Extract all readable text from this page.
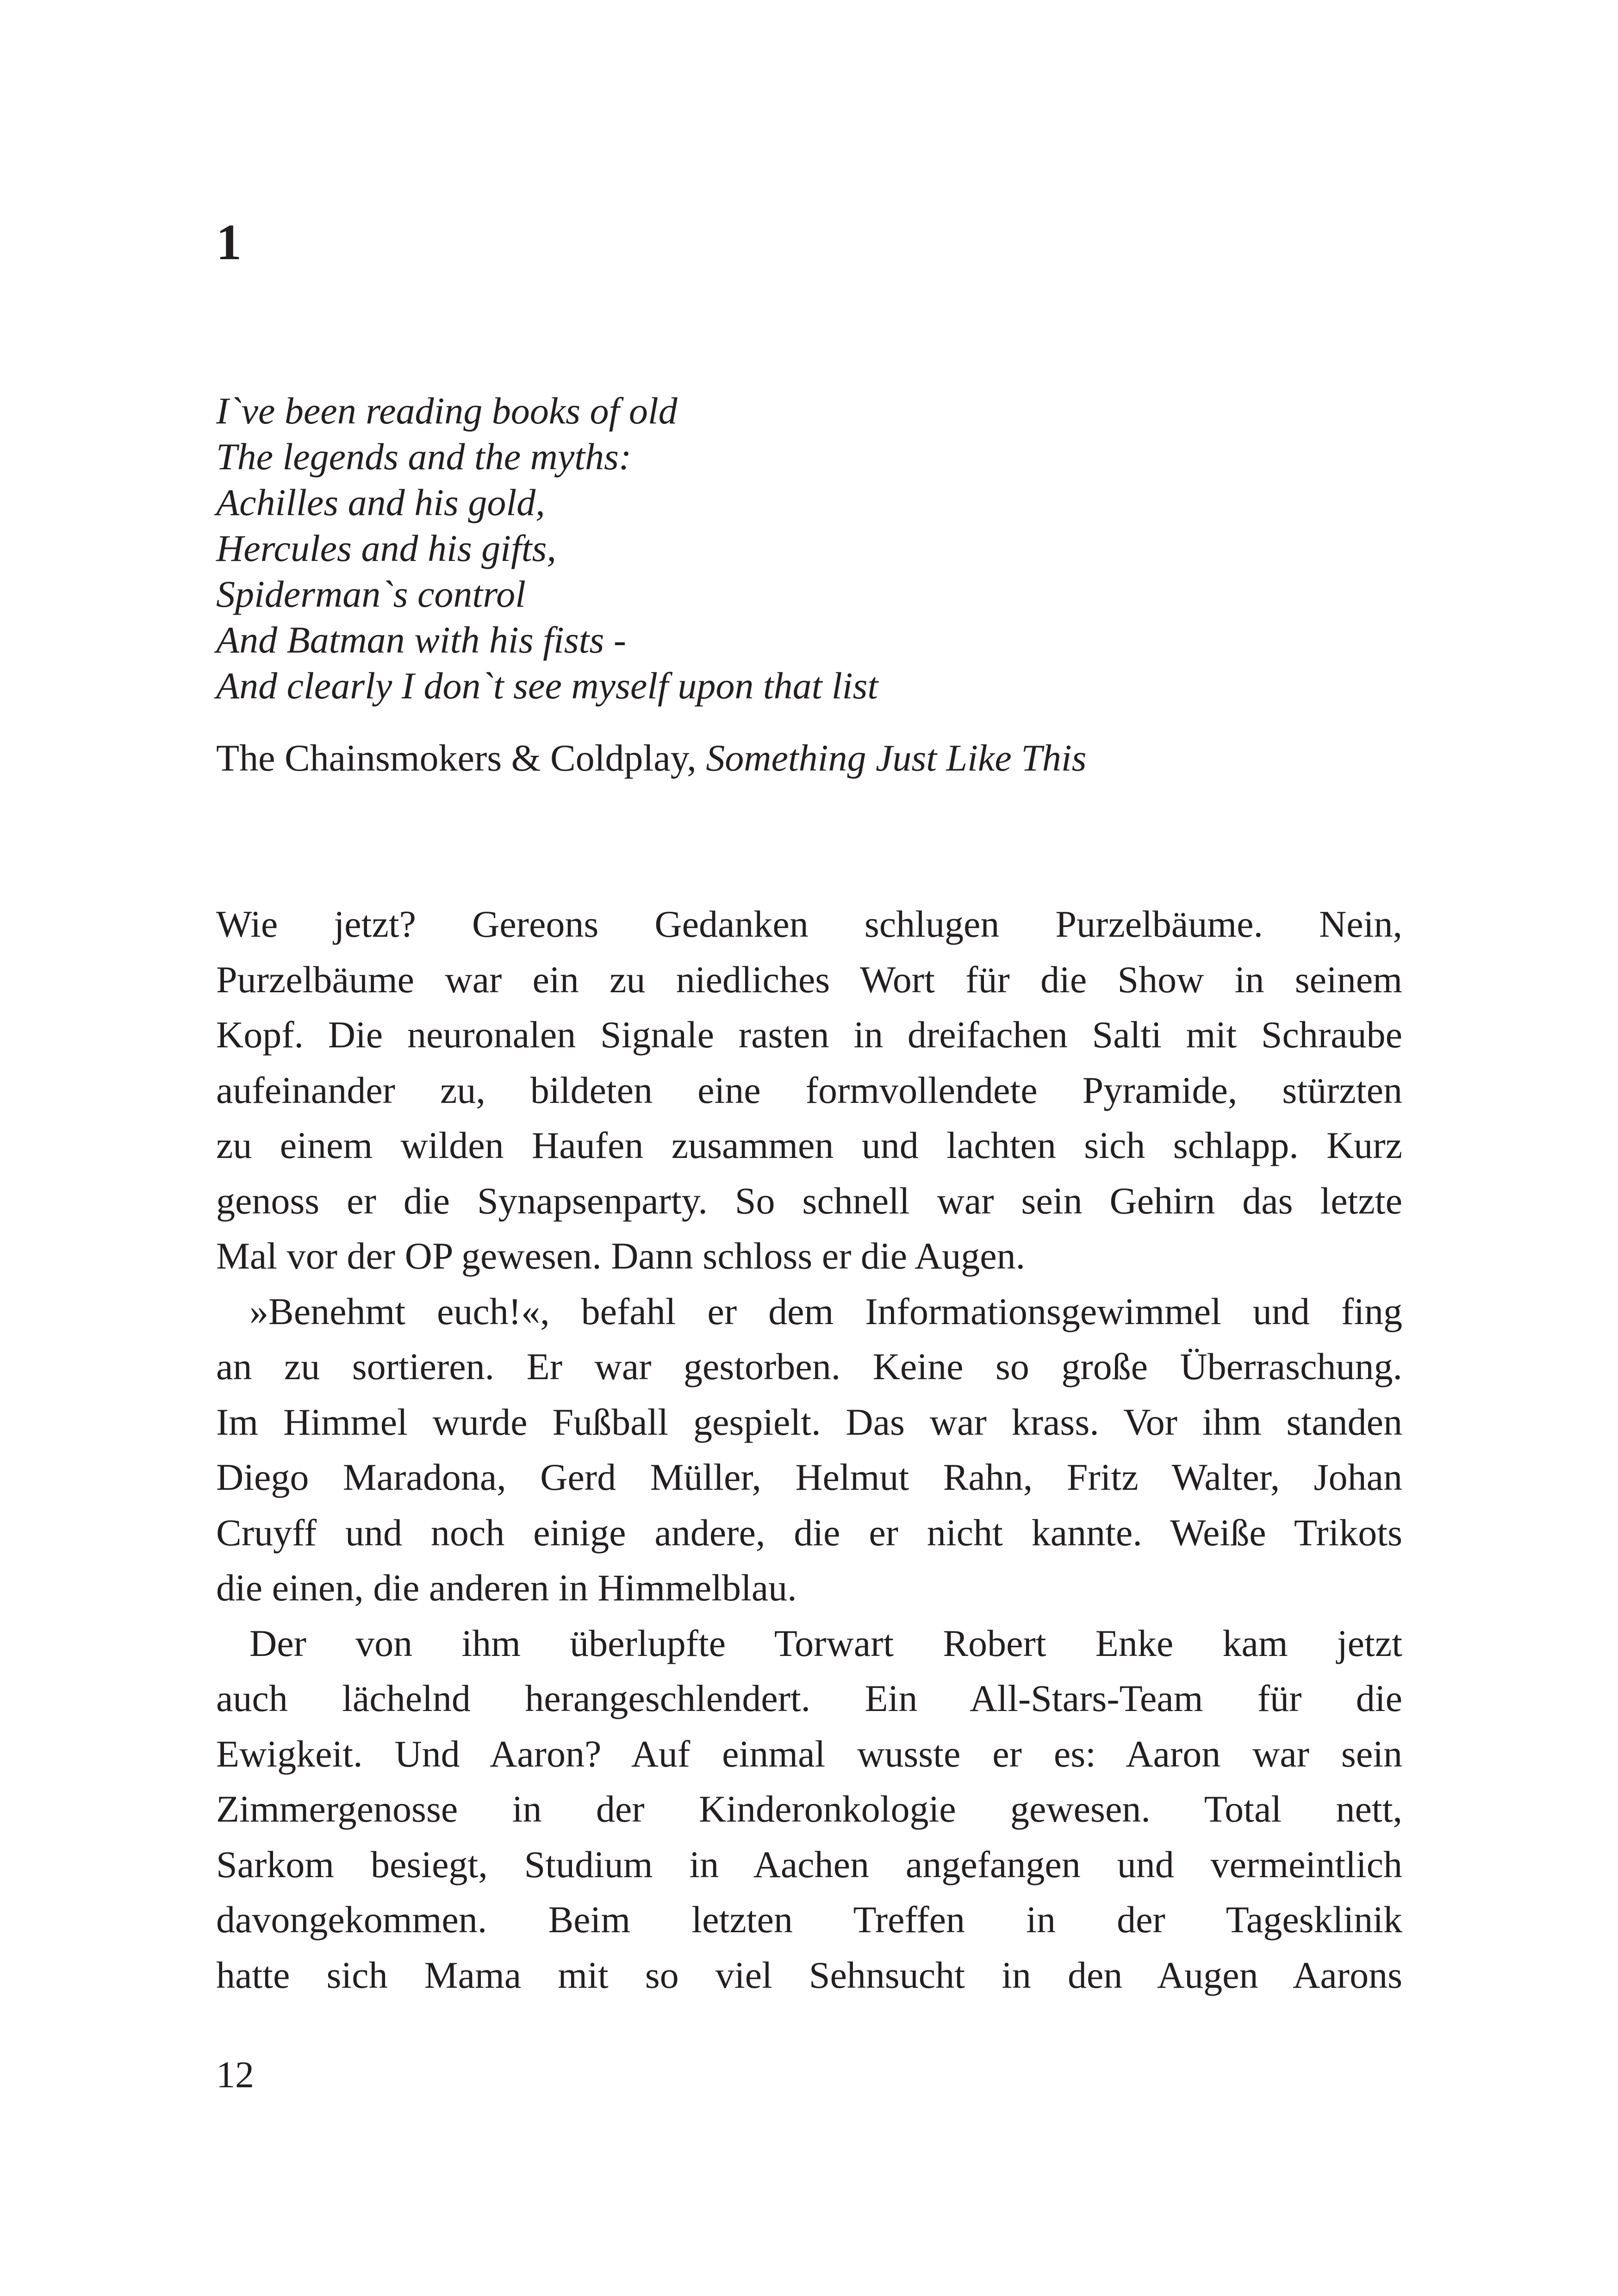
1
I`ve been reading books of old
The legends and the myths:
Achilles and his gold,
Hercules and his gifts,
Spiderman`s control
And Batman with his fists -
And clearly I don`t see myself upon that list

The Chainsmokers & Coldplay, Something Just Like This

Wie jetzt? Gereons Gedanken schlugen Purzelbäume. Nein,
Purzelbäume war ein zu niedliches Wort für die Show in seinem
Kopf. Die neuronalen Signale rasten in dreifachen Salti mit Schraube
aufeinander zu, bildeten eine formvollendete Pyramide, stürzten
zu einem wilden Haufen zusammen und lachten sich schlapp. Kurz
genoss er die Synapsenparty. So schnell war sein Gehirn das letzte
Mal vor der OP gewesen. Dann schloss er die Augen.
»Benehmt euch!«, befahl er dem Informationsgewimmel und fing
an zu sortieren. Er war gestorben. Keine so große Überraschung.
Im Himmel wurde Fußball gespielt. Das war krass. Vor ihm standen
Diego Maradona, Gerd Müller, Helmut Rahn, Fritz Walter, Johan
Cruyff und noch einige andere, die er nicht kannte. Weiße Trikots
die einen, die anderen in Himmelblau.
Der von ihm überlupfte Torwart Robert Enke kam jetzt
auch lächelnd herangeschlendert. Ein All-Stars-Team für die
Ewigkeit. Und Aaron? Auf einmal wusste er es: Aaron war sein
Zimmergenosse in der Kinderonkologie gewesen. Total nett,
Sarkom besiegt, Studium in Aachen angefangen und vermeintlich
davongekommen. Beim letzten Treffen in der Tagesklinik
hatte sich Mama mit so viel Sehnsucht in den Augen Aarons

12
